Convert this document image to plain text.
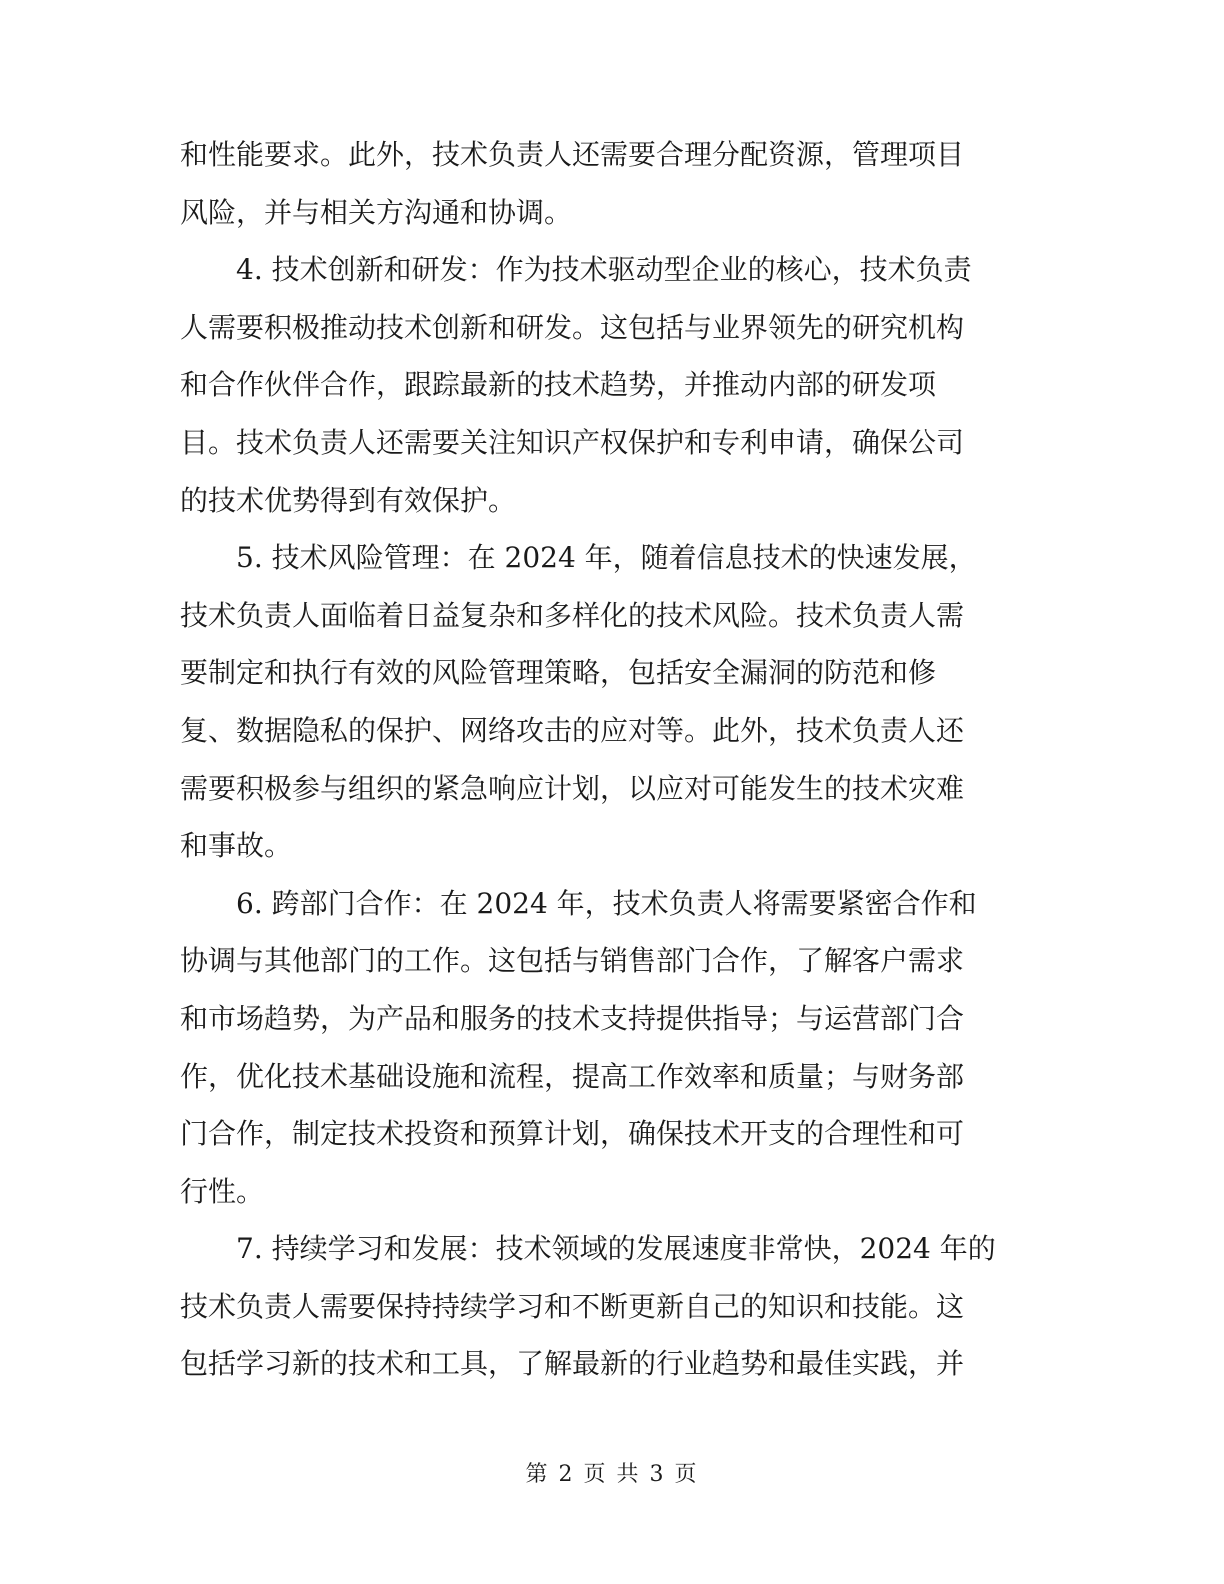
和性能要求。此外，技术负责人还需要合理分配资源，管理项目
风险，并与相关方沟通和协调。
4. 技术创新和研发：作为技术驱动型企业的核心，技术负责
人需要积极推动技术创新和研发。这包括与业界领先的研究机构
和合作伙伴合作，跟踪最新的技术趋势，并推动内部的研发项
目。技术负责人还需要关注知识产权保护和专利申请，确保公司
的技术优势得到有效保护。
5. 技术风险管理：在 2024 年，随着信息技术的快速发展，
技术负责人面临着日益复杂和多样化的技术风险。技术负责人需
要制定和执行有效的风险管理策略，包括安全漏洞的防范和修
复、数据隐私的保护、网络攻击的应对等。此外，技术负责人还
需要积极参与组织的紧急响应计划，以应对可能发生的技术灾难
和事故。
6. 跨部门合作：在 2024 年，技术负责人将需要紧密合作和
协调与其他部门的工作。这包括与销售部门合作，了解客户需求
和市场趋势，为产品和服务的技术支持提供指导；与运营部门合
作，优化技术基础设施和流程，提高工作效率和质量；与财务部
门合作，制定技术投资和预算计划，确保技术开支的合理性和可
行性。
7. 持续学习和发展：技术领域的发展速度非常快，2024 年的
技术负责人需要保持持续学习和不断更新自己的知识和技能。这
包括学习新的技术和工具，了解最新的行业趋势和最佳实践，并
第 2 页 共 3 页
